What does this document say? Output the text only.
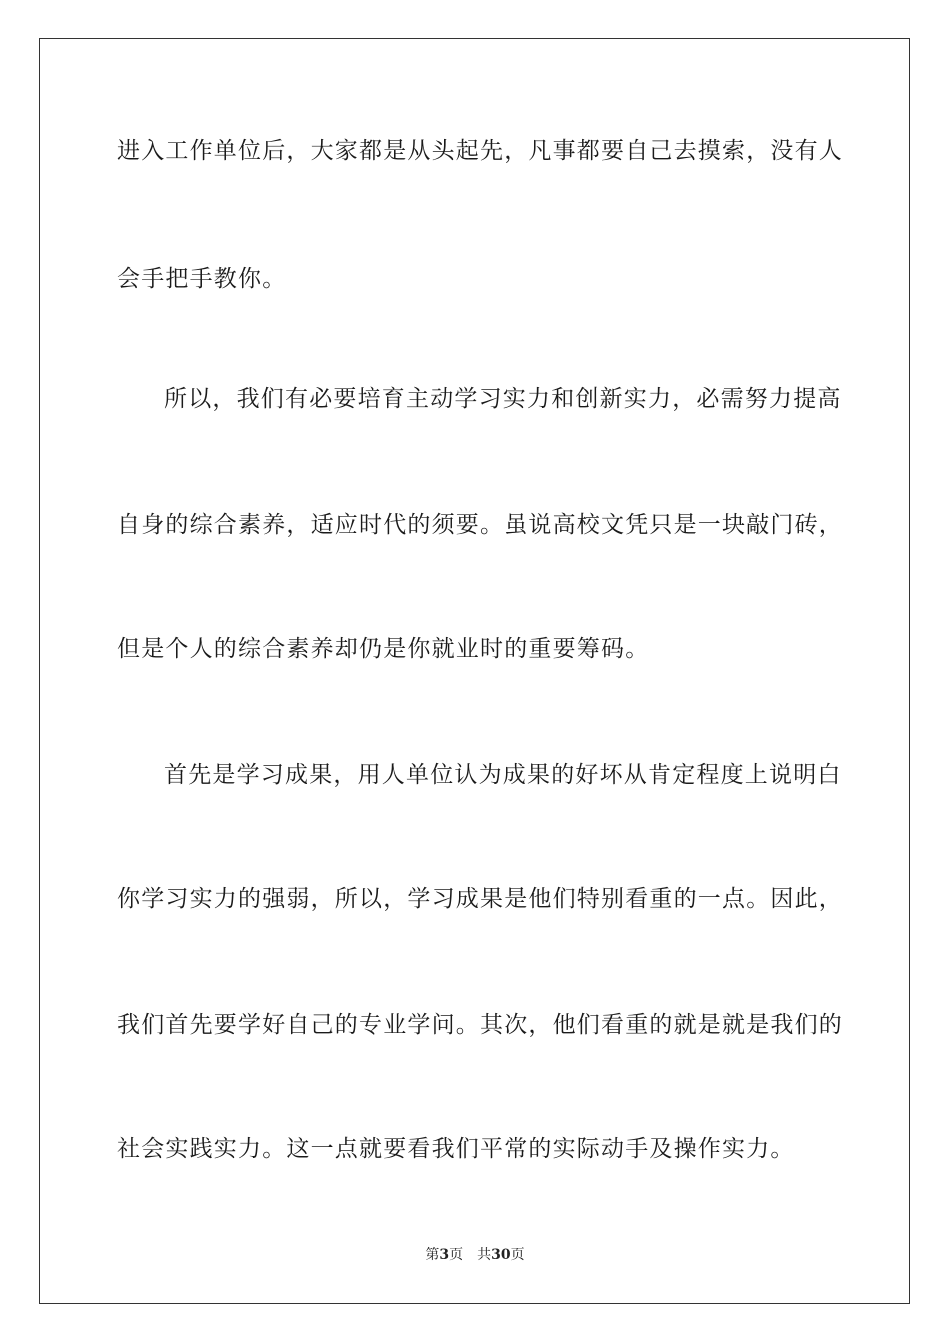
进入工作单位后，大家都是从头起先，凡事都要自己去摸索，没有人
会手把手教你。
所以，我们有必要培育主动学习实力和创新实力，必需努力提高
自身的综合素养，适应时代的须要。虽说高校文凭只是一块敲门砖，
但是个人的综合素养却仍是你就业时的重要筹码。
首先是学习成果，用人单位认为成果的好坏从肯定程度上说明白
你学习实力的强弱，所以，学习成果是他们特别看重的一点。因此，
我们首先要学好自己的专业学问。其次，他们看重的就是就是我们的
社会实践实力。这一点就要看我们平常的实际动手及操作实力。
第3页 共30页
